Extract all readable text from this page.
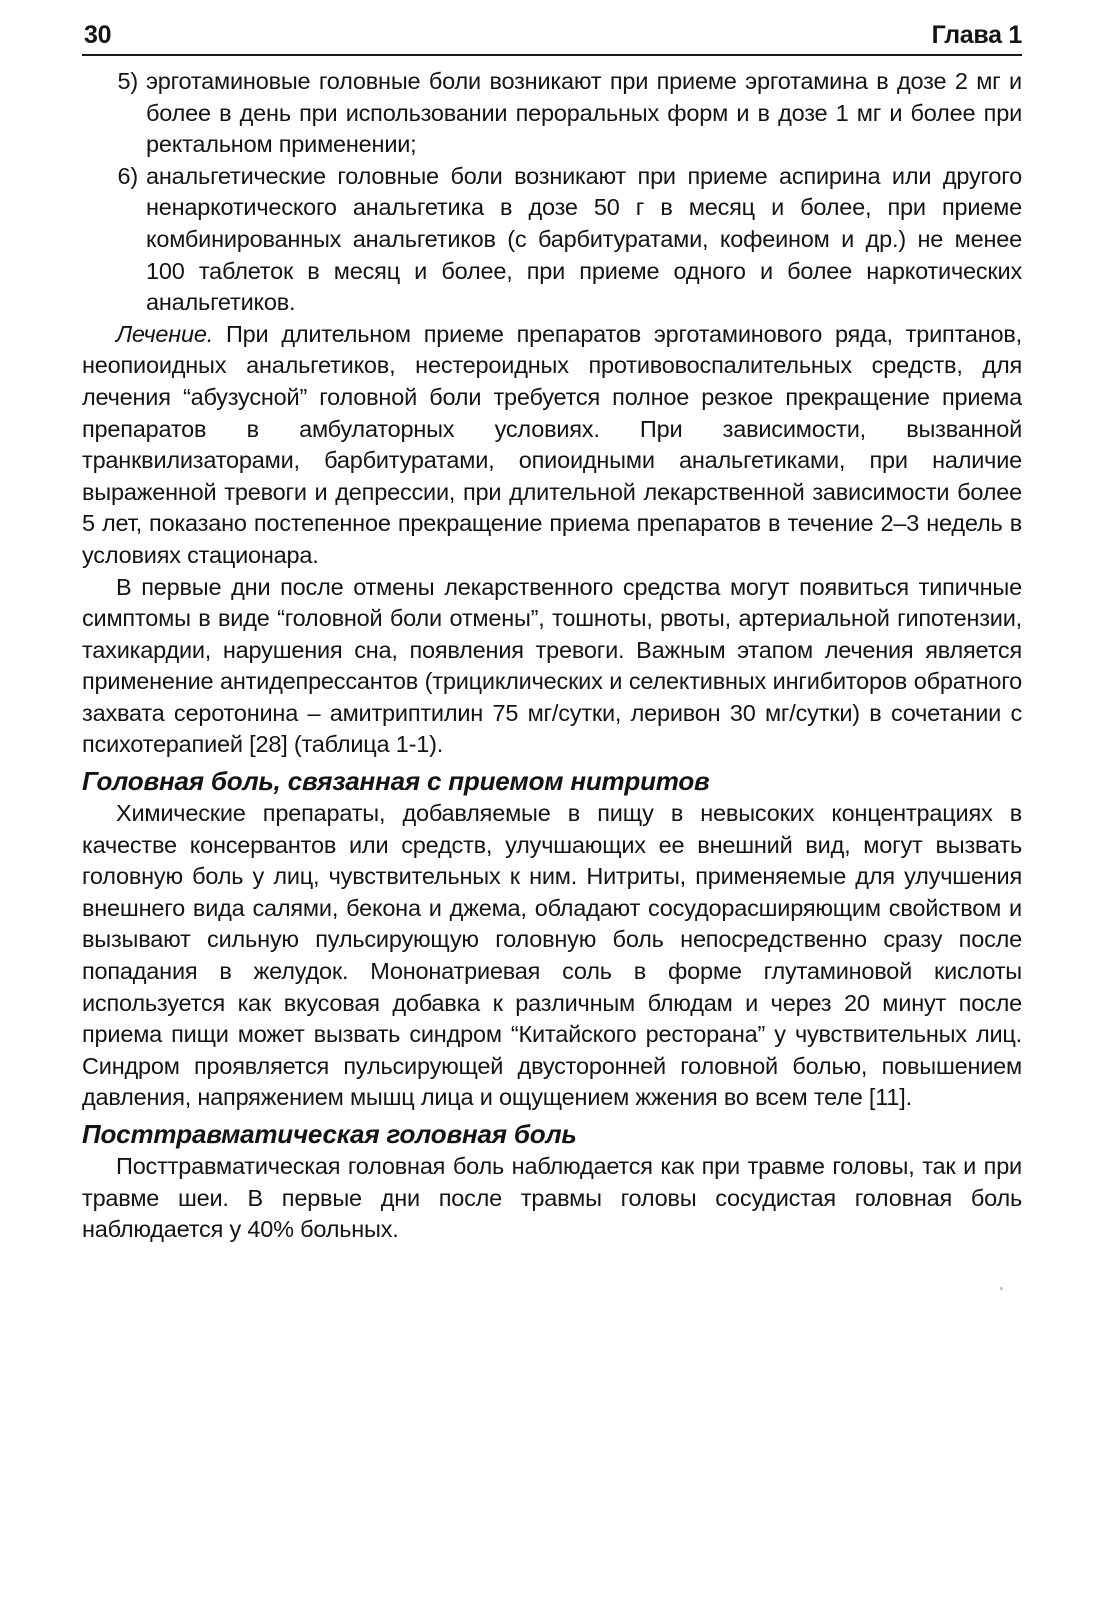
30	Глава 1
5) эрготаминовые головные боли возникают при приеме эрготамина в дозе 2 мг и более в день при использовании пероральных форм и в дозе 1 мг и более при ректальном применении;
6) анальгетические головные боли возникают при приеме аспирина или другого ненаркотического анальгетика в дозе 50 г в месяц и более, при приеме комбинированных анальгетиков (с барбитуратами, кофеином и др.) не менее 100 таблеток в месяц и более, при приеме одного и более наркотических анальгетиков.

Лечение. При длительном приеме препаратов эрготаминового ряда, триптанов, неопиоидных анальгетиков, нестероидных противовоспалительных средств, для лечения “абузусной” головной боли требуется полное резкое прекращение приема препаратов в амбулаторных условиях. При зависимости, вызванной транквилизаторами, барбитуратами, опиоидными анальгетиками, при наличие выраженной тревоги и депрессии, при длительной лекарственной зависимости более 5 лет, показано постепенное прекращение приема препаратов в течение 2–3 недель в условиях стационара.

В первые дни после отмены лекарственного средства могут появиться типичные симптомы в виде “головной боли отмены”, тошноты, рвоты, артериальной гипотензии, тахикардии, нарушения сна, появления тревоги. Важным этапом лечения является применение антидепрессантов (трициклических и селективных ингибиторов обратного захвата серотонина – амитриптилин 75 мг/сутки, леривон 30 мг/сутки) в сочетании с психотерапией [28] (таблица 1-1).

Головная боль, связанная с приемом нитритов

Химические препараты, добавляемые в пищу в невысоких концентрациях в качестве консервантов или средств, улучшающих ее внешний вид, могут вызвать головную боль у лиц, чувствительных к ним. Нитриты, применяемые для улучшения внешнего вида салями, бекона и джема, обладают сосудорасширяющим свойством и вызывают сильную пульсирующую головную боль непосредственно сразу после попадания в желудок. Мононатриевая соль в форме глутаминовой кислоты используется как вкусовая добавка к различным блюдам и через 20 минут после приема пищи может вызвать синдром “Китайского ресторана” у чувствительных лиц. Синдром проявляется пульсирующей двусторонней головной болью, повышением давления, напряжением мышц лица и ощущением жжения во всем теле [11].

Посттравматическая головная боль

Посттравматическая головная боль наблюдается как при травме головы, так и при травме шеи. В первые дни после травмы головы сосудистая головная боль наблюдается у 40% больных.
